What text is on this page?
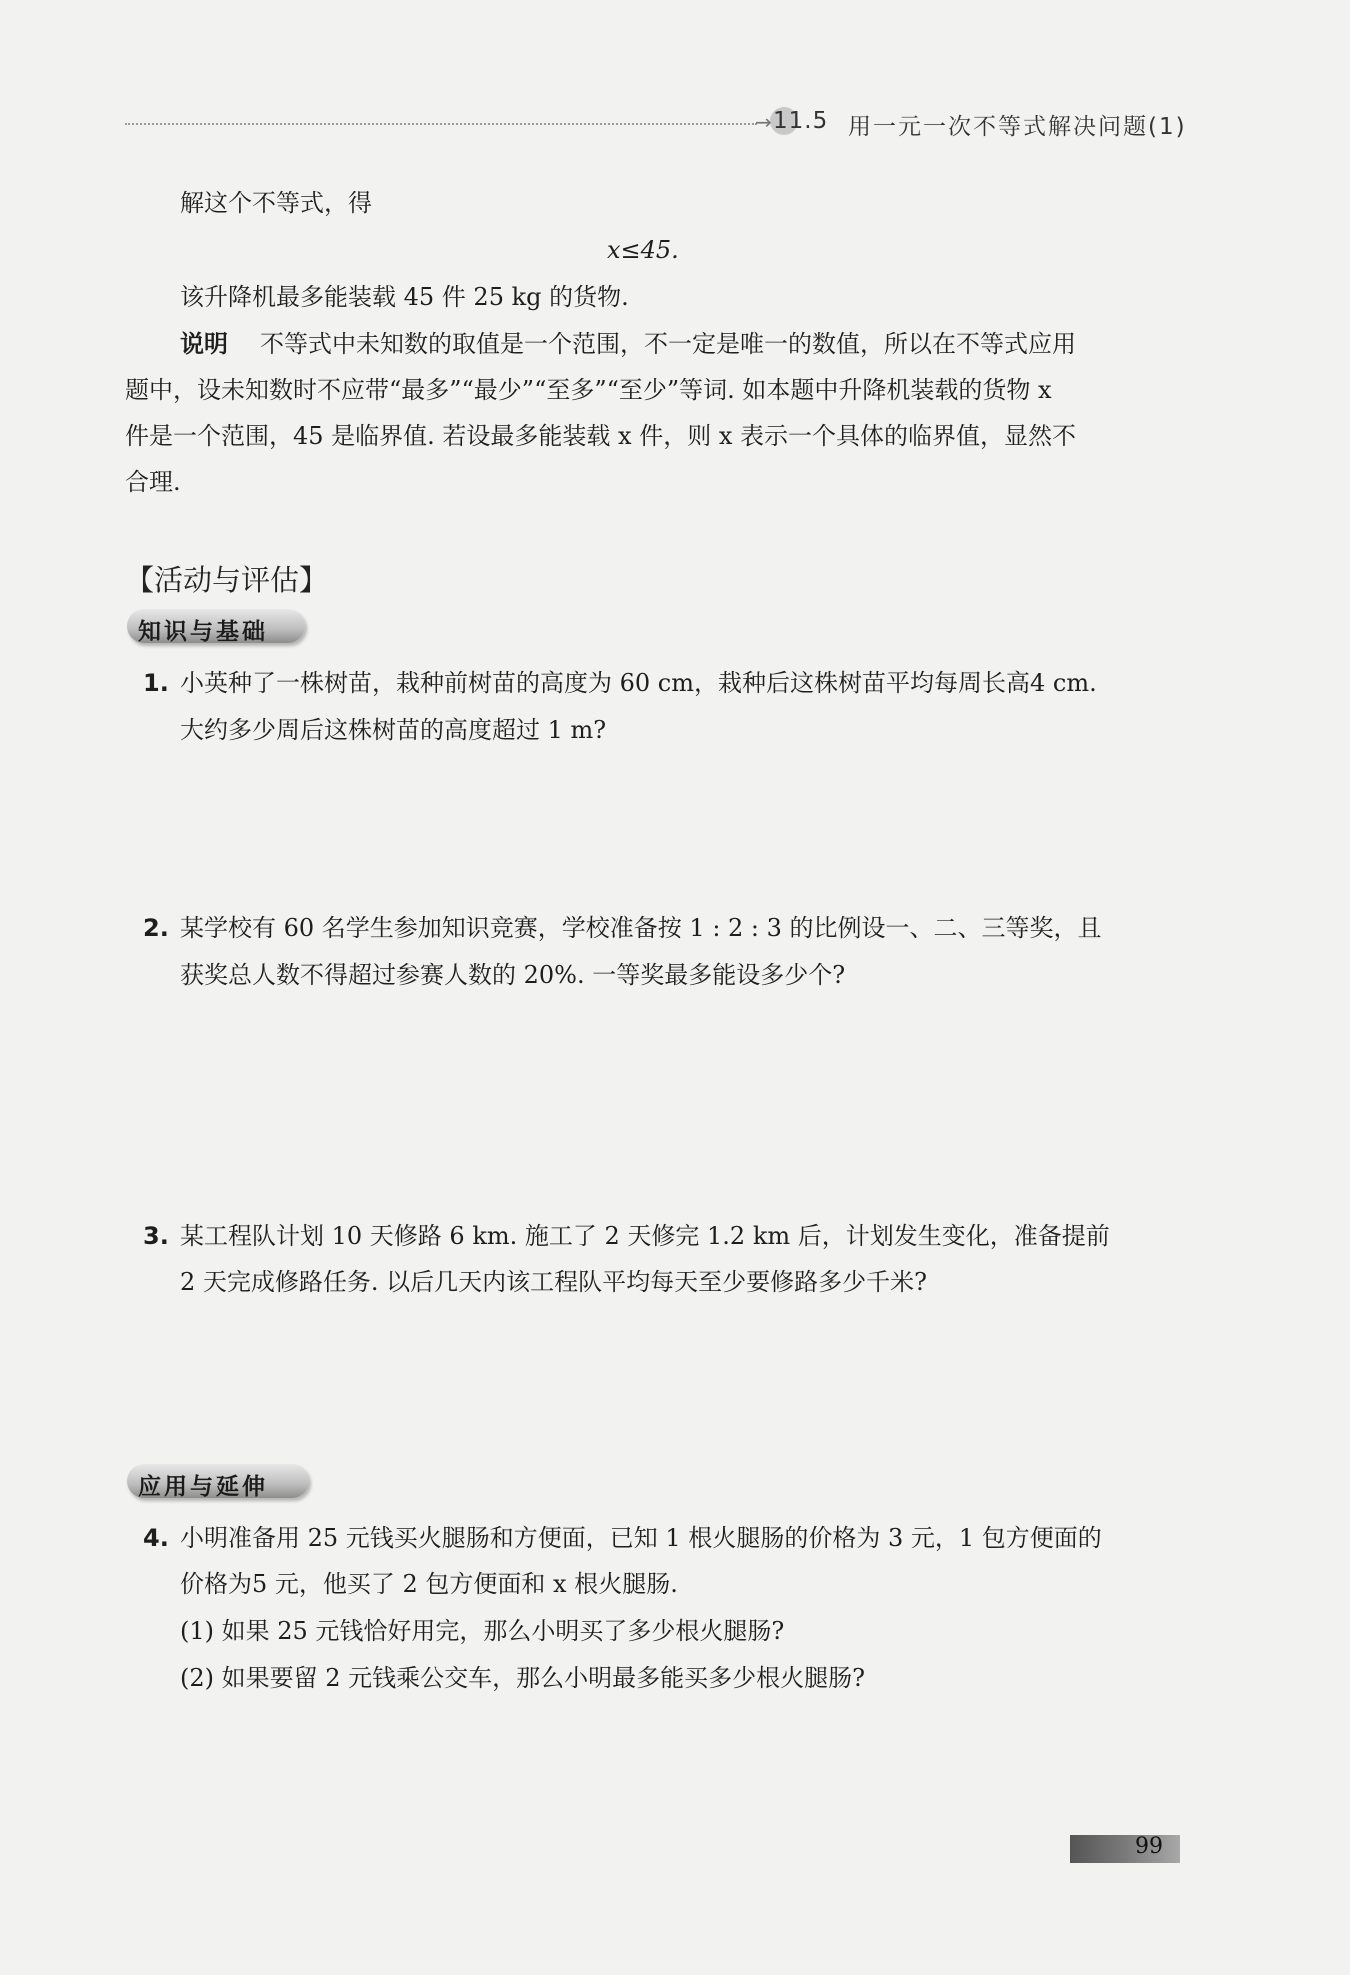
→ 11.5 用一元一次不等式解决问题(1)
解这个不等式，得
x≤45.
该升降机最多能装载 45 件 25 kg 的货物.
说明 不等式中未知数的取值是一个范围，不一定是唯一的数值，所以在不等式应用
题中，设未知数时不应带“最多”“最少”“至多”“至少”等词. 如本题中升降机装载的货物 x
件是一个范围，45 是临界值. 若设最多能装载 x 件，则 x 表示一个具体的临界值，显然不
合理.
【活动与评估】
知识与基础
1. 小英种了一株树苗，栽种前树苗的高度为 60 cm，栽种后这株树苗平均每周长高4 cm.
大约多少周后这株树苗的高度超过 1 m?
2. 某学校有 60 名学生参加知识竞赛，学校准备按 1 : 2 : 3 的比例设一、二、三等奖，且
获奖总人数不得超过参赛人数的 20%. 一等奖最多能设多少个?
3. 某工程队计划 10 天修路 6 km. 施工了 2 天修完 1.2 km 后，计划发生变化，准备提前
2 天完成修路任务. 以后几天内该工程队平均每天至少要修路多少千米?
应用与延伸
4. 小明准备用 25 元钱买火腿肠和方便面，已知 1 根火腿肠的价格为 3 元，1 包方便面的
价格为5 元，他买了 2 包方便面和 x 根火腿肠.
(1) 如果 25 元钱恰好用完，那么小明买了多少根火腿肠?
(2) 如果要留 2 元钱乘公交车，那么小明最多能买多少根火腿肠?
99
